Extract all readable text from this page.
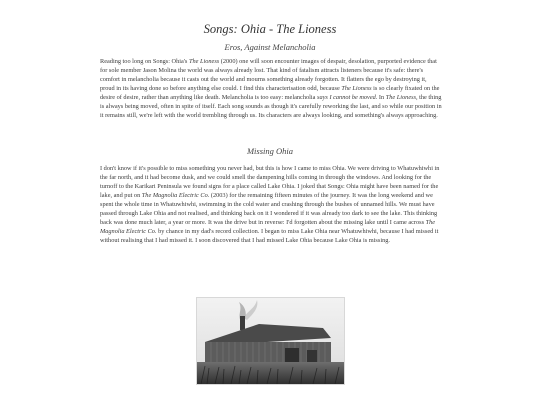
Songs: Ohia - The Lioness
Eros, Against Melancholia
Reading too long on Songs: Ohia's The Lioness (2000) one will soon encounter images of despair, desolation, purported evidence that for sole member Jason Molina the world was always already lost. That kind of fatalism attracts listeners because it's safe: there's comfort in melancholia because it casts out the world and mourns something already forgotten. It flatters the ego by destroying it, proud in its having done so before anything else could. I find this characterisation odd, because The Lioness is so clearly fixated on the desire of desire, rather than anything like death. Melancholia is too easy: melancholia says I cannot be moved. In The Lioness, the thing is always being moved, often in spite of itself. Each song sounds as though it's carefully reworking the last, and so while our position in it remains still, we're left with the world trembling through us. Its characters are always looking, and something's always approaching.
Missing Ohia
I don't know if it's possible to miss something you never had, but this is how I came to miss Ohia. We were driving to Whatuwhiwhi in the far north, and it had become dusk, and we could smell the dampening hills coming in through the windows. And looking for the turnoff to the Karikari Peninsula we found signs for a place called Lake Ohia. I joked that Songs: Ohia might have been named for the lake, and put on The Magnolia Electric Co. (2003) for the remaining fifteen minutes of the journey. It was the long weekend and we spent the whole time in Whatuwhiwhi, swimming in the cold water and crashing through the bushes of unnamed hills. We must have passed through Lake Ohia and not realised, and thinking back on it I wondered if it was already too dark to see the lake. This thinking back was done much later, a year or more. It was the drive but in reverse: I'd forgotten about the missing lake until I came across The Magnolia Electric Co. by chance in my dad's record collection. I began to miss Lake Ohia near Whatuwhiwhi, because I had missed it without realising that I had missed it. I soon discovered that I had missed Lake Ohia because Lake Ohia is missing.
